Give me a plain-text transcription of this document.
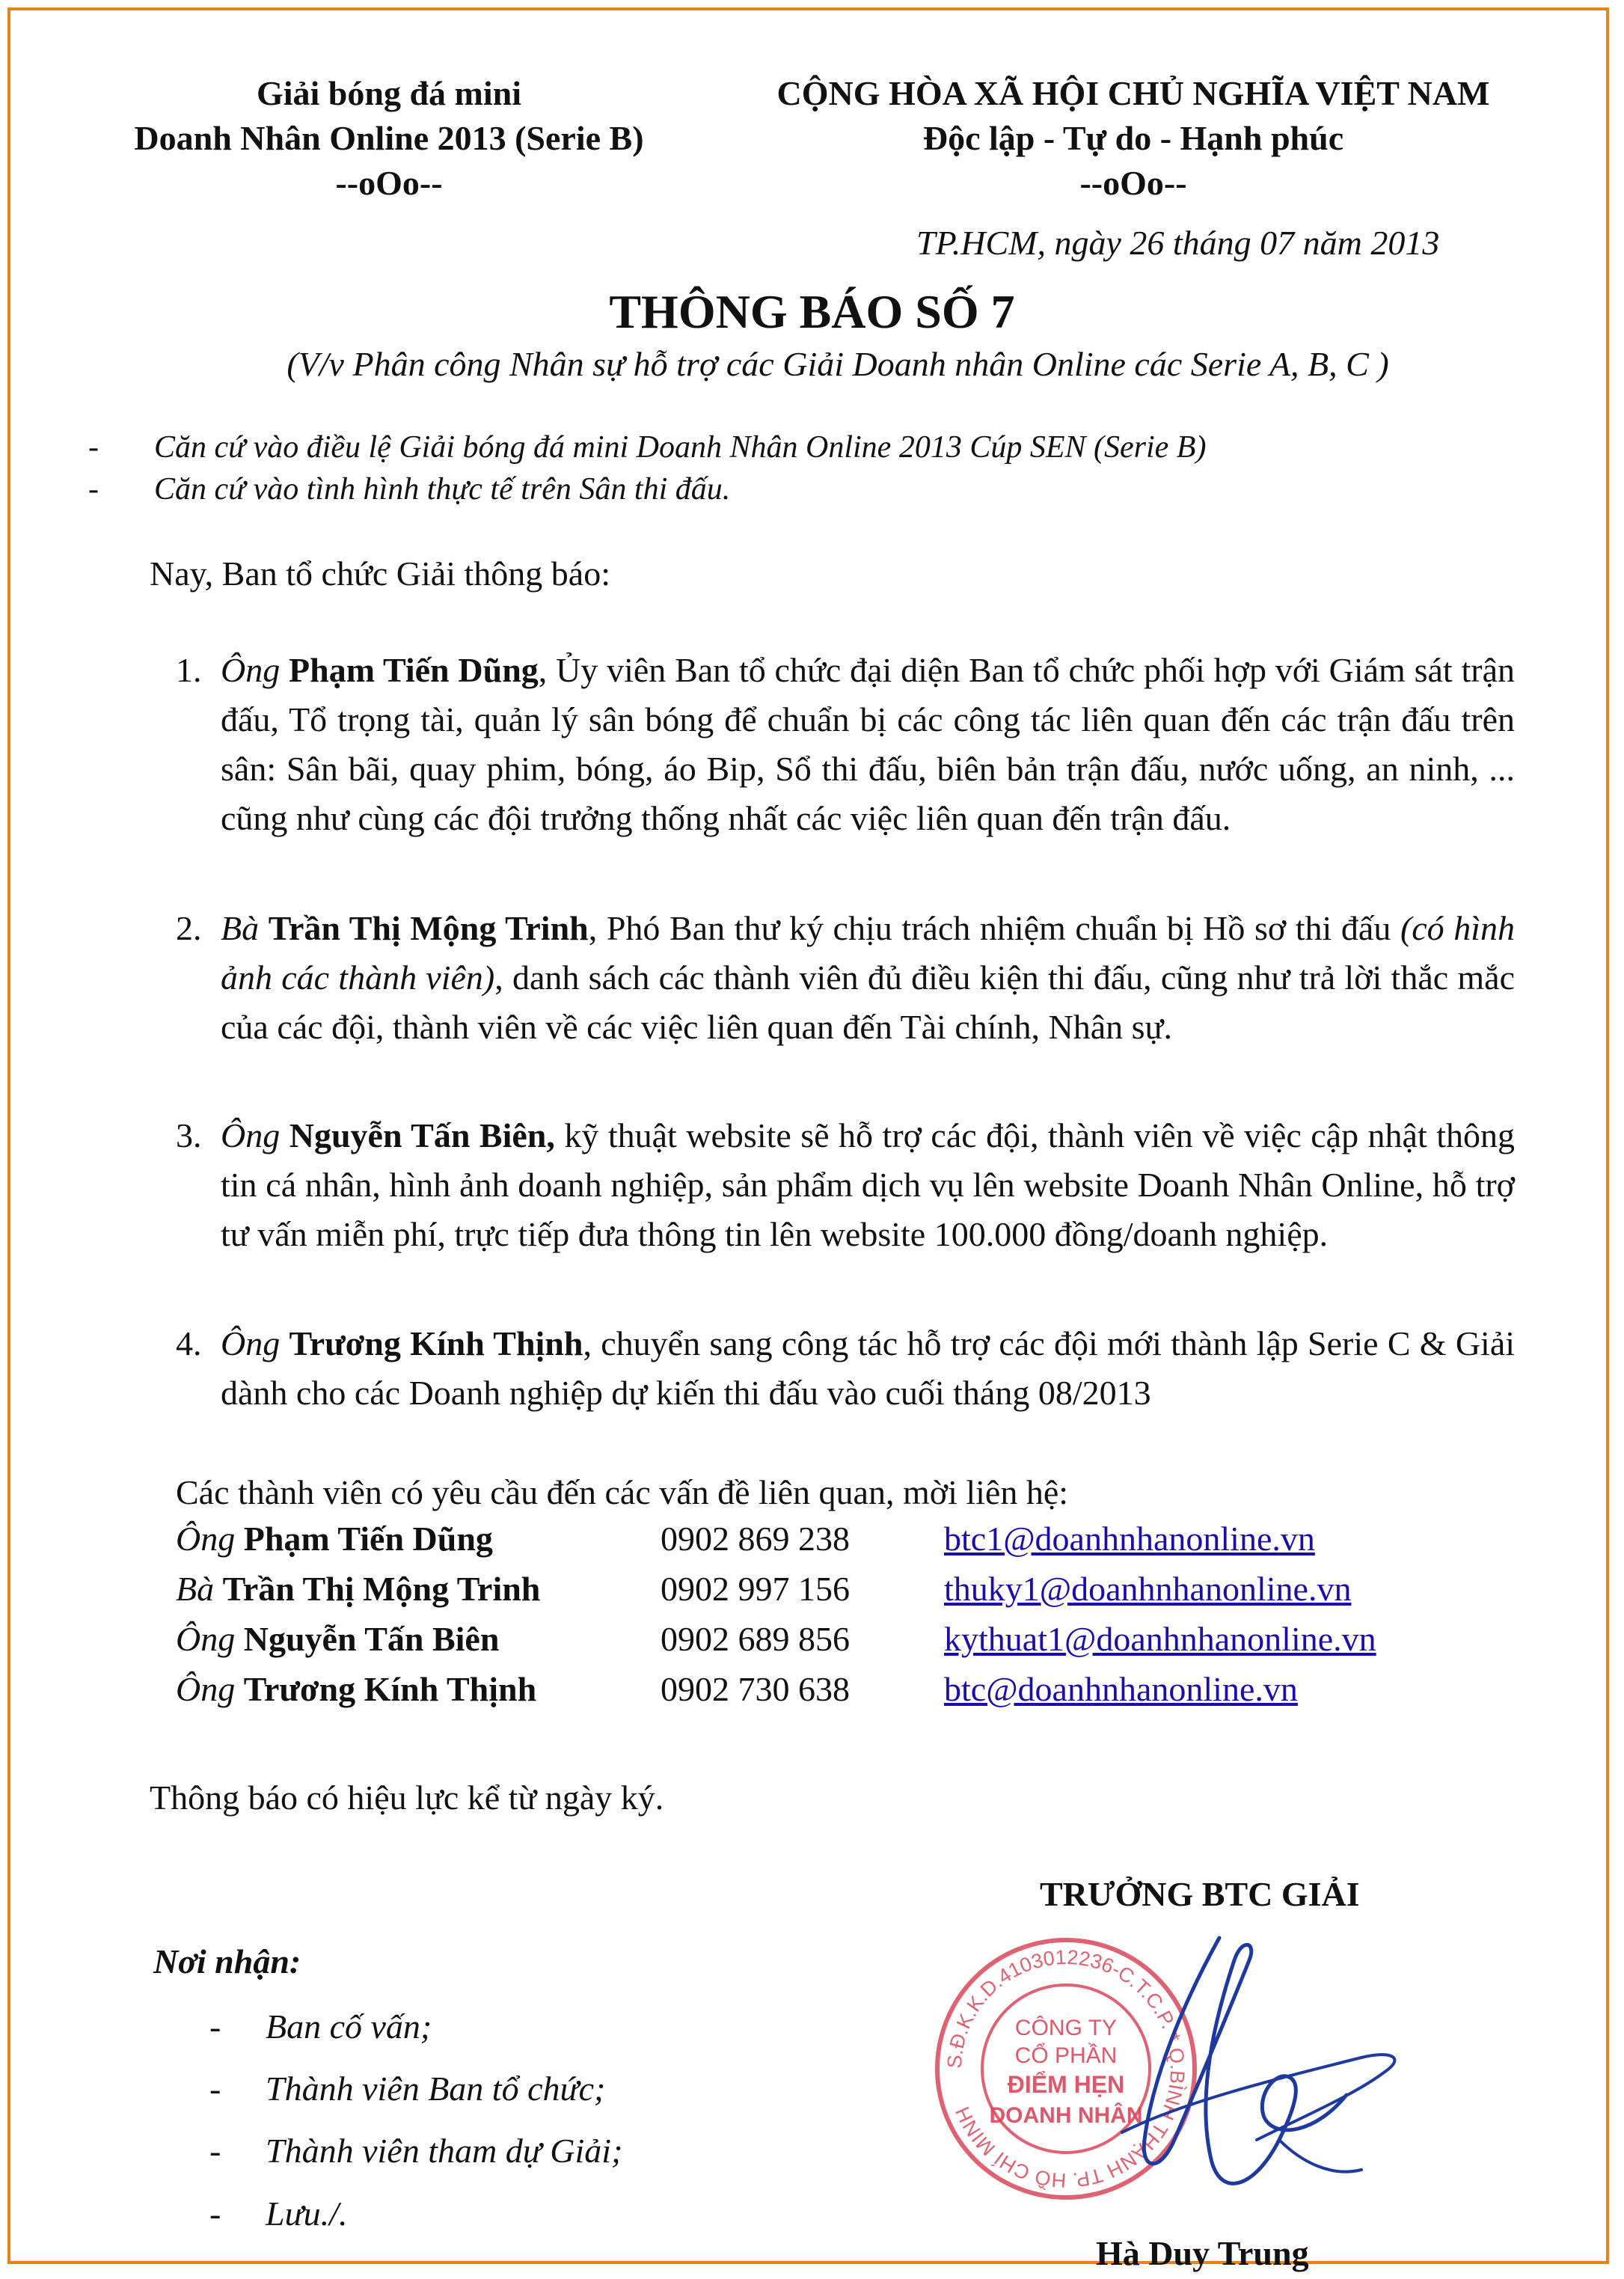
Giải bóng đá mini
Doanh Nhân Online 2013 (Serie B)
--oOo--
CỘNG HÒA XÃ HỘI CHỦ NGHĨA VIỆT NAM
Độc lập - Tự do - Hạnh phúc
--oOo--
TP.HCM, ngày 26 tháng 07 năm 2013
THÔNG BÁO SỐ 7
(V/v Phân công Nhân sự hỗ trợ các Giải Doanh nhân Online các Serie A, B, C )
- Căn cứ vào điều lệ Giải bóng đá mini Doanh Nhân Online 2013 Cúp SEN (Serie B)
- Căn cứ vào tình hình thực tế trên Sân thi đấu.
Nay, Ban tổ chức Giải thông báo:
1. Ông Phạm Tiến Dũng, Ủy viên Ban tổ chức đại diện Ban tổ chức phối hợp với Giám sát trận đấu, Tổ trọng tài, quản lý sân bóng để chuẩn bị các công tác liên quan đến các trận đấu trên sân: Sân bãi, quay phim, bóng, áo Bip, Sổ thi đấu, biên bản trận đấu, nước uống, an ninh, ... cũng như cùng các đội trưởng thống nhất các việc liên quan đến trận đấu.
2. Bà Trần Thị Mộng Trinh, Phó Ban thư ký chịu trách nhiệm chuẩn bị Hồ sơ thi đấu (có hình ảnh các thành viên), danh sách các thành viên đủ điều kiện thi đấu, cũng như trả lời thắc mắc của các đội, thành viên về các việc liên quan đến Tài chính, Nhân sự.
3. Ông Nguyễn Tấn Biên, kỹ thuật website sẽ hỗ trợ các đội, thành viên về việc cập nhật thông tin cá nhân, hình ảnh doanh nghiệp, sản phẩm dịch vụ lên website Doanh Nhân Online, hỗ trợ tư vấn miễn phí, trực tiếp đưa thông tin lên website 100.000 đồng/doanh nghiệp.
4. Ông Trương Kính Thịnh, chuyển sang công tác hỗ trợ các đội mới thành lập Serie C & Giải dành cho các Doanh nghiệp dự kiến thi đấu vào cuối tháng 08/2013
Các thành viên có yêu cầu đến các vấn đề liên quan, mời liên hệ:
Ông Phạm Tiến Dũng	0902 869 238	btc1@doanhnhanonline.vn
Bà Trần Thị Mộng Trinh	0902 997 156	thuky1@doanhnhanonline.vn
Ông Nguyễn Tấn Biên	0902 689 856	kythuat1@doanhnhanonline.vn
Ông Trương Kính Thịnh	0902 730 638	btc@doanhnhanonline.vn
Thông báo có hiệu lực kể từ ngày ký.
TRƯỞNG BTC GIẢI
S.Đ.K.K.D.4103012236-C.T.C.P. * Q.BÌNH THẠNH TP. HỒ CHÍ MINH
CÔNG TY
CỔ PHẦN
ĐIỂM HẸN
DOANH NHÂN
Hà Duy Trung
Nơi nhận:
- Ban cố vấn;
- Thành viên Ban tổ chức;
- Thành viên tham dự Giải;
- Lưu./.
